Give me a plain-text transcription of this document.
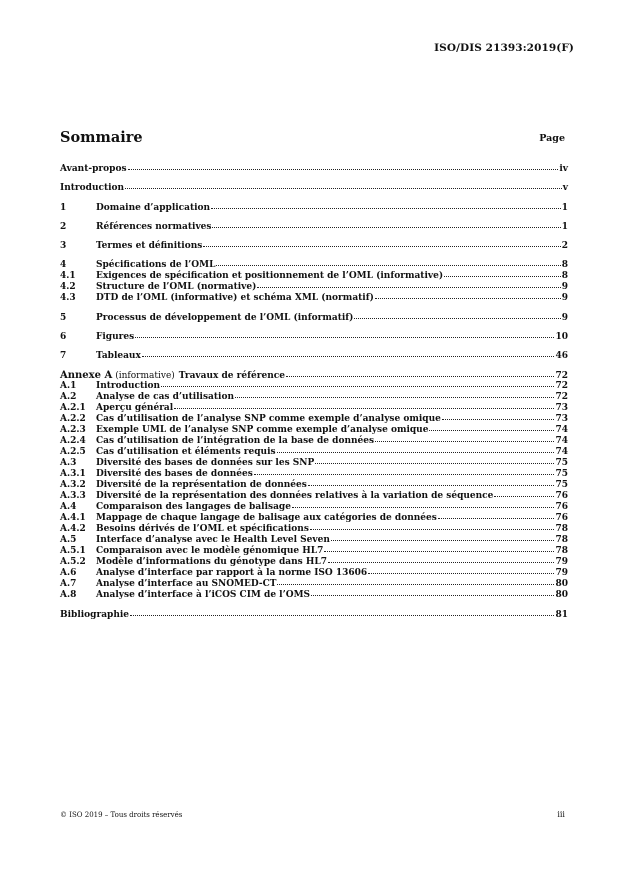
ISO/DIS 21393:2019(F)
Sommaire	Page
Avant-propos	iv
Introduction	v
1	Domaine d’application	1
2	Références normatives	1
3	Termes et définitions	2
4	Spécifications de l’OML	8
4.1	Exigences de spécification et positionnement de l’OML (informative)	8
4.2	Structure de l’OML (normative)	9
4.3	DTD de l’OML (informative) et schéma XML (normatif)	9
5	Processus de développement de l’OML (informatif)	9
6	Figures	10
7	Tableaux	46
Annexe A (informative) Travaux de référence	72
A.1	Introduction	72
A.2	Analyse de cas d’utilisation	72
A.2.1	Aperçu général	73
A.2.2	Cas d’utilisation de l’analyse SNP comme exemple d’analyse omique	73
A.2.3	Exemple UML de l’analyse SNP comme exemple d’analyse omique	74
A.2.4	Cas d’utilisation de l’intégration de la base de données	74
A.2.5	Cas d’utilisation et éléments requis	74
A.3	Diversité des bases de données sur les SNP	75
A.3.1	Diversité des bases de données	75
A.3.2	Diversité de la représentation de données	75
A.3.3	Diversité de la représentation des données relatives à la variation de séquence	76
A.4	Comparaison des langages de balisage	76
A.4.1	Mappage de chaque langage de balisage aux catégories de données	76
A.4.2	Besoins dérivés de l’OML et spécifications	78
A.5	Interface d’analyse avec le Health Level Seven	78
A.5.1	Comparaison avec le modèle génomique HL7	78
A.5.2	Modèle d’informations du génotype dans HL7	79
A.6	Analyse d’interface par rapport à la norme ISO 13606	79
A.7	Analyse d’interface au SNOMED-CT	80
A.8	Analyse d’interface à l’iCOS CIM de l’OMS	80
Bibliographie	81
© ISO 2019 – Tous droits réservés	iii
